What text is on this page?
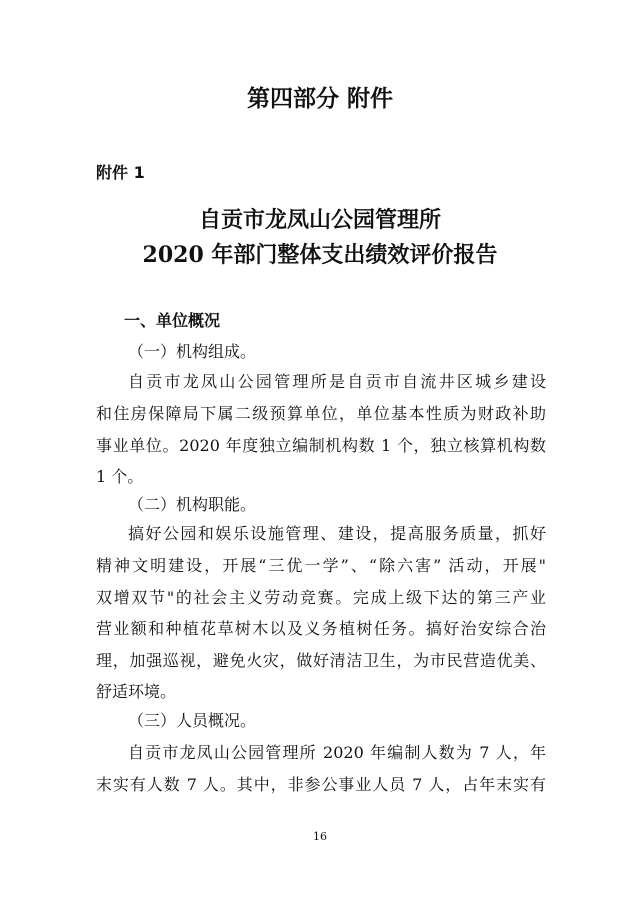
第四部分 附件
附件 1
自贡市龙凤山公园管理所
2020 年部门整体支出绩效评价报告
一、单位概况
（一）机构组成。
自贡市龙凤山公园管理所是自贡市自流井区城乡建设
和住房保障局下属二级预算单位，单位基本性质为财政补助
事业单位。2020 年度独立编制机构数 1 个，独立核算机构数
1 个。
（二）机构职能。
搞好公园和娱乐设施管理、建设，提高服务质量，抓好
精神文明建设，开展“三优一学”、“除六害” 活动，开展"
双增双节"的社会主义劳动竞赛。完成上级下达的第三产业
营业额和种植花草树木以及义务植树任务。搞好治安综合治
理，加强巡视，避免火灾，做好清洁卫生，为市民营造优美、
舒适环境。
（三）人员概况。
自贡市龙凤山公园管理所 2020 年编制人数为 7 人，年
末实有人数 7 人。其中，非参公事业人员 7 人，占年末实有
16
